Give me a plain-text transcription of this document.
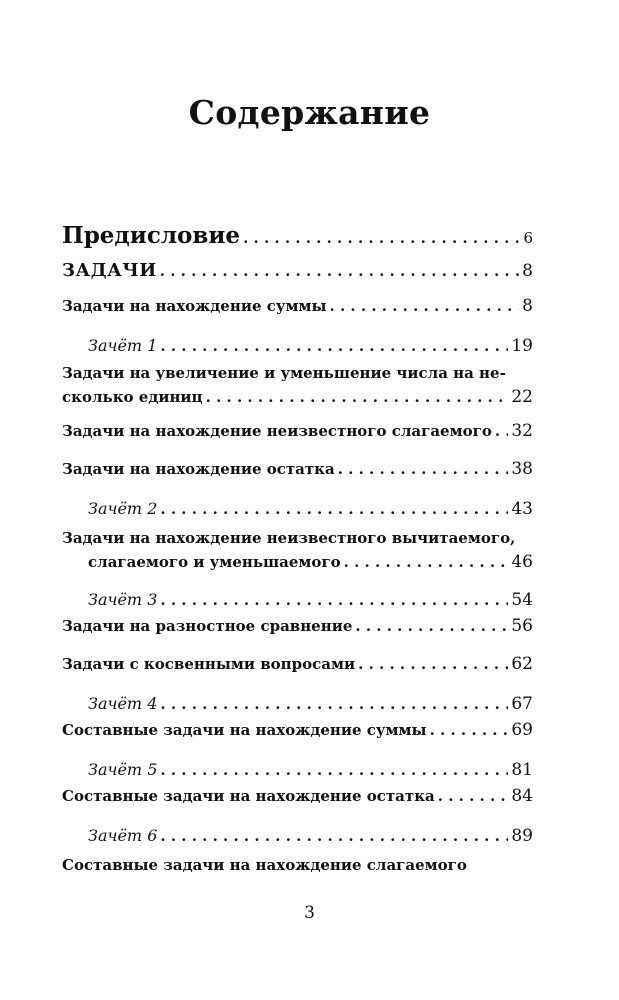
Содержание
Предисловие . . .	6
ЗАДАЧИ . . .	8
Задачи на нахождение суммы . . .	8
Зачёт 1 . . .	19
Задачи на увеличение и уменьшение числа на не-
сколько единиц . . .	22
Задачи на нахождение неизвестного слагаемого . . . 32
Задачи на нахождение остатка . . .	38
Зачёт 2 . . .	43
Задачи на нахождение неизвестного вычитаемого,
слагаемого и уменьшаемого . . .	46
Зачёт 3 . . .	54
Задачи на разностное сравнение . . .	56
Задачи с косвенными вопросами . . .	62
Зачёт 4 . . .	67
Составные задачи на нахождение суммы . . .	69
Зачёт 5 . . .	81
Составные задачи на нахождение остатка . . .	84
Зачёт 6 . . .	89
Составные задачи на нахождение слагаемого
3
